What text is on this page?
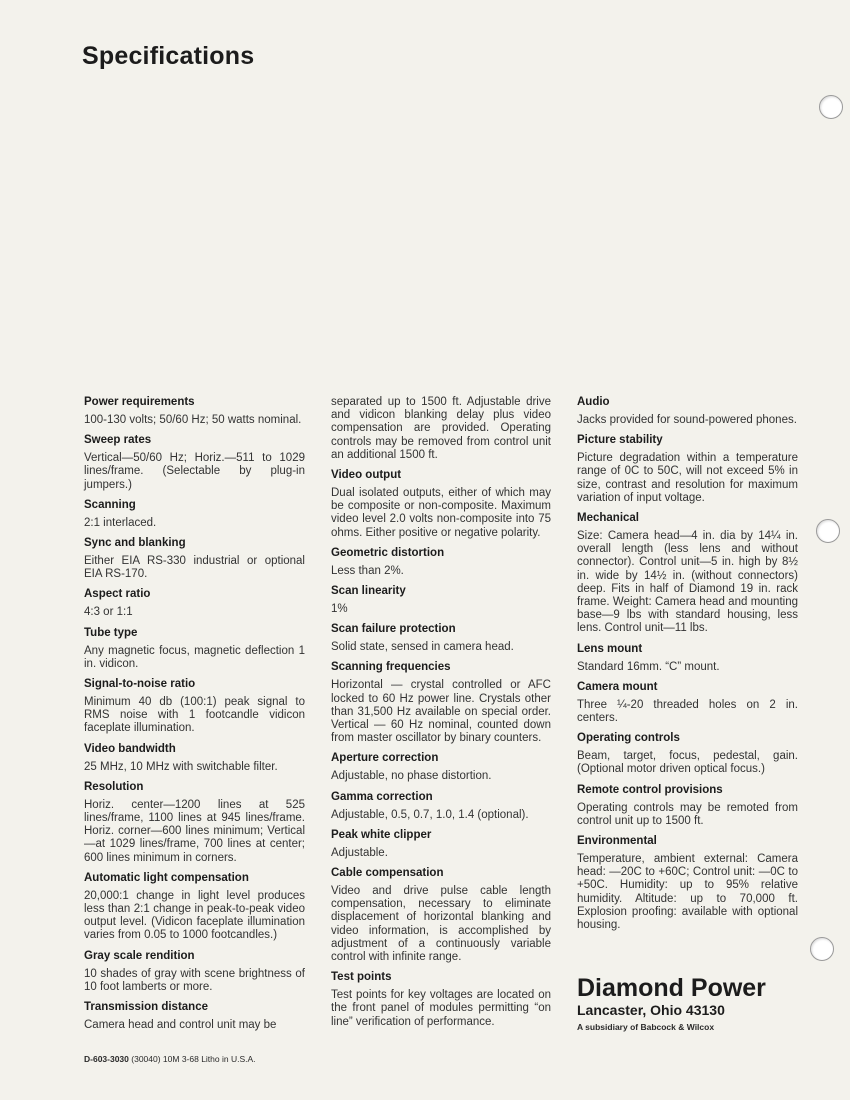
Specifications

Power requirements

100-130 volts; 50/60 Hz; 50 watts nominal.

Sweep rates

Vertical—50/60 Hz; Horiz.—511 to 1029 lines/frame. (Selectable by plug-in jumpers.)

Scanning

2:1 interlaced.

Sync and blanking

Either EIA RS-330 industrial or optional EIA RS-170.

Aspect ratio

4:3 or 1:1

Tube type

Any magnetic focus, magnetic deflection 1 in. vidicon.

Signal-to-noise ratio

Minimum 40 db (100:1) peak signal to RMS noise with 1 footcandle vidicon faceplate illumination.

Video bandwidth

25 MHz, 10 MHz with switchable filter.

Resolution

Horiz. center—1200 lines at 525 lines/frame, 1100 lines at 945 lines/frame. Horiz. corner—600 lines minimum; Vertical—at 1029 lines/frame, 700 lines at center; 600 lines minimum in corners.

Automatic light compensation

20,000:1 change in light level produces less than 2:1 change in peak-to-peak video output level. (Vidicon faceplate illumination varies from 0.05 to 1000 footcandles.)

Gray scale rendition

10 shades of gray with scene brightness of 10 foot lamberts or more.

Transmission distance

Camera head and control unit may be

separated up to 1500 ft. Adjustable drive and vidicon blanking delay plus video compensation are provided. Operating controls may be removed from control unit an additional 1500 ft.

Video output

Dual isolated outputs, either of which may be composite or non-composite. Maximum video level 2.0 volts non-composite into 75 ohms. Either positive or negative polarity.

Geometric distortion

Less than 2%.

Scan linearity

1%

Scan failure protection

Solid state, sensed in camera head.

Scanning frequencies

Horizontal — crystal controlled or AFC locked to 60 Hz power line. Crystals other than 31,500 Hz available on special order. Vertical — 60 Hz nominal, counted down from master oscillator by binary counters.

Aperture correction

Adjustable, no phase distortion.

Gamma correction

Adjustable, 0.5, 0.7, 1.0, 1.4 (optional).

Peak white clipper

Adjustable.

Cable compensation

Video and drive pulse cable length compensation, necessary to eliminate displacement of horizontal blanking and video information, is accomplished by adjustment of a continuously variable control with infinite range.

Test points

Test points for key voltages are located on the front panel of modules permitting “on line” verification of performance.

Audio

Jacks provided for sound-powered phones.

Picture stability

Picture degradation within a temperature range of 0C to 50C, will not exceed 5% in size, contrast and resolution for maximum variation of input voltage.

Mechanical

Size: Camera head—4 in. dia by 14¼ in. overall length (less lens and without connector). Control unit—5 in. high by 8½ in. wide by 14½ in. (without connectors) deep. Fits in half of Diamond 19 in. rack frame. Weight: Camera head and mounting base—9 lbs with standard housing, less lens. Control unit—11 lbs.

Lens mount

Standard 16mm. “C” mount.

Camera mount

Three ¼-20 threaded holes on 2 in. centers.

Operating controls

Beam, target, focus, pedestal, gain. (Optional motor driven optical focus.)

Remote control provisions

Operating controls may be remoted from control unit up to 1500 ft.

Environmental

Temperature, ambient external: Camera head: —20C to +60C; Control unit: —0C to +50C. Humidity: up to 95% relative humidity. Altitude: up to 70,000 ft. Explosion proofing: available with optional housing.

Diamond Power

Lancaster, Ohio 43130

A subsidiary of Babcock & Wilcox

D-603-3030 (30040) 10M 3-68 Litho in U.S.A.
